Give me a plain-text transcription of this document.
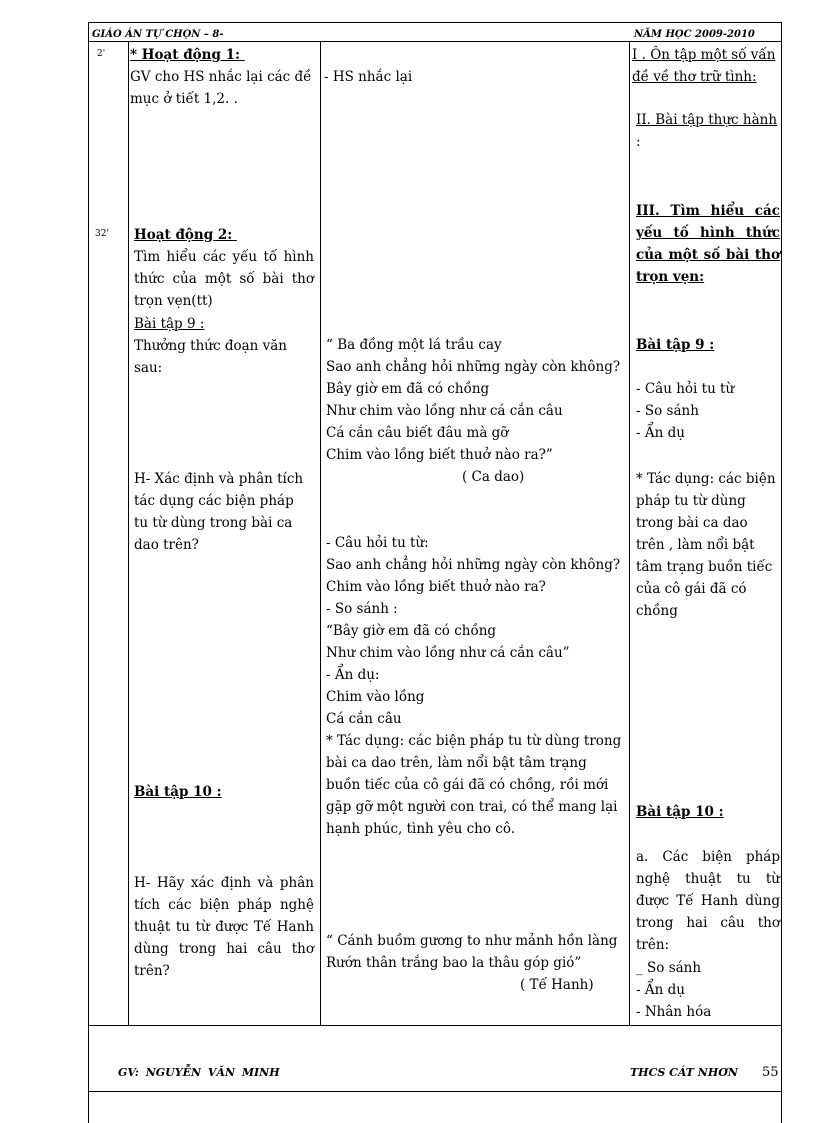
GIÁO ÁN TỰ CHỌN – 8-	NĂM HỌC 2009-2010
2'
32'
* Hoạt động 1:
GV cho HS nhắc lại các đề mục ở tiết 1,2. .
Hoạt động 2:
Tìm hiểu các yếu tố hình thức của một số bài thơ trọn vẹn(tt)
Bài tập 9 :
Thưởng thức đoạn văn sau:
H- Xác định và phân tích tác dụng các biện pháp tu từ dùng trong bài ca dao trên?
Bài tập 10 :
H- Hãy xác định và phân tích các biện pháp nghệ thuật tu từ được Tế Hanh dùng trong hai câu thơ trên?
- HS nhắc lại
“ Ba đồng một lá trầu cay
Sao anh chẳng hỏi những ngày còn không?
Bây giờ em đã có chồng
Như chim vào lồng như cá cắn câu
Cá cắn câu biết đâu mà gỡ
Chim vào lồng biết thuở nào ra?”
( Ca dao)
- Câu hỏi tu từ:
Sao anh chẳng hỏi những ngày còn không?
Chim vào lồng biết thuở nào ra?
- So sánh :
“Bây giờ em đã có chồng
Như chim vào lồng như cá cắn câu”
- Ẩn dụ:
Chim vào lồng
Cá cắn câu
* Tác dụng: các biện pháp tu từ dùng trong bài ca dao trên, làm nổi bật tâm trạng buồn tiếc của cô gái đã có chồng, rồi mới gặp gỡ một người con trai, có thể mang lại hạnh phúc, tình yêu cho cô.
“ Cánh buồm gương to như mảnh hồn làng
Rướn thân trắng bao la thâu góp gió”
( Tế Hanh)
I . Ôn tập một số vấn đề về thơ trữ tình:
II. Bài tập thực hành
:
III. Tìm hiểu các yếu tố hình thức của một số bài thơ trọn vẹn:
Bài tập 9 :
- Câu hỏi tu từ
- So sánh
- Ẩn dụ
* Tác dụng: các biện pháp tu từ dùng trong bài ca dao trên , làm nổi bật tâm trạng buồn tiếc của cô gái đã có chồng
Bài tập 10 :
a. Các biện pháp nghệ thuật tu từ được Tế Hanh dùng trong hai câu thơ trên:
_ So sánh
- Ẩn dụ
- Nhân hóa
GV: NGUYỄN VĂN MINH	THCS CÁT NHƠN 55
